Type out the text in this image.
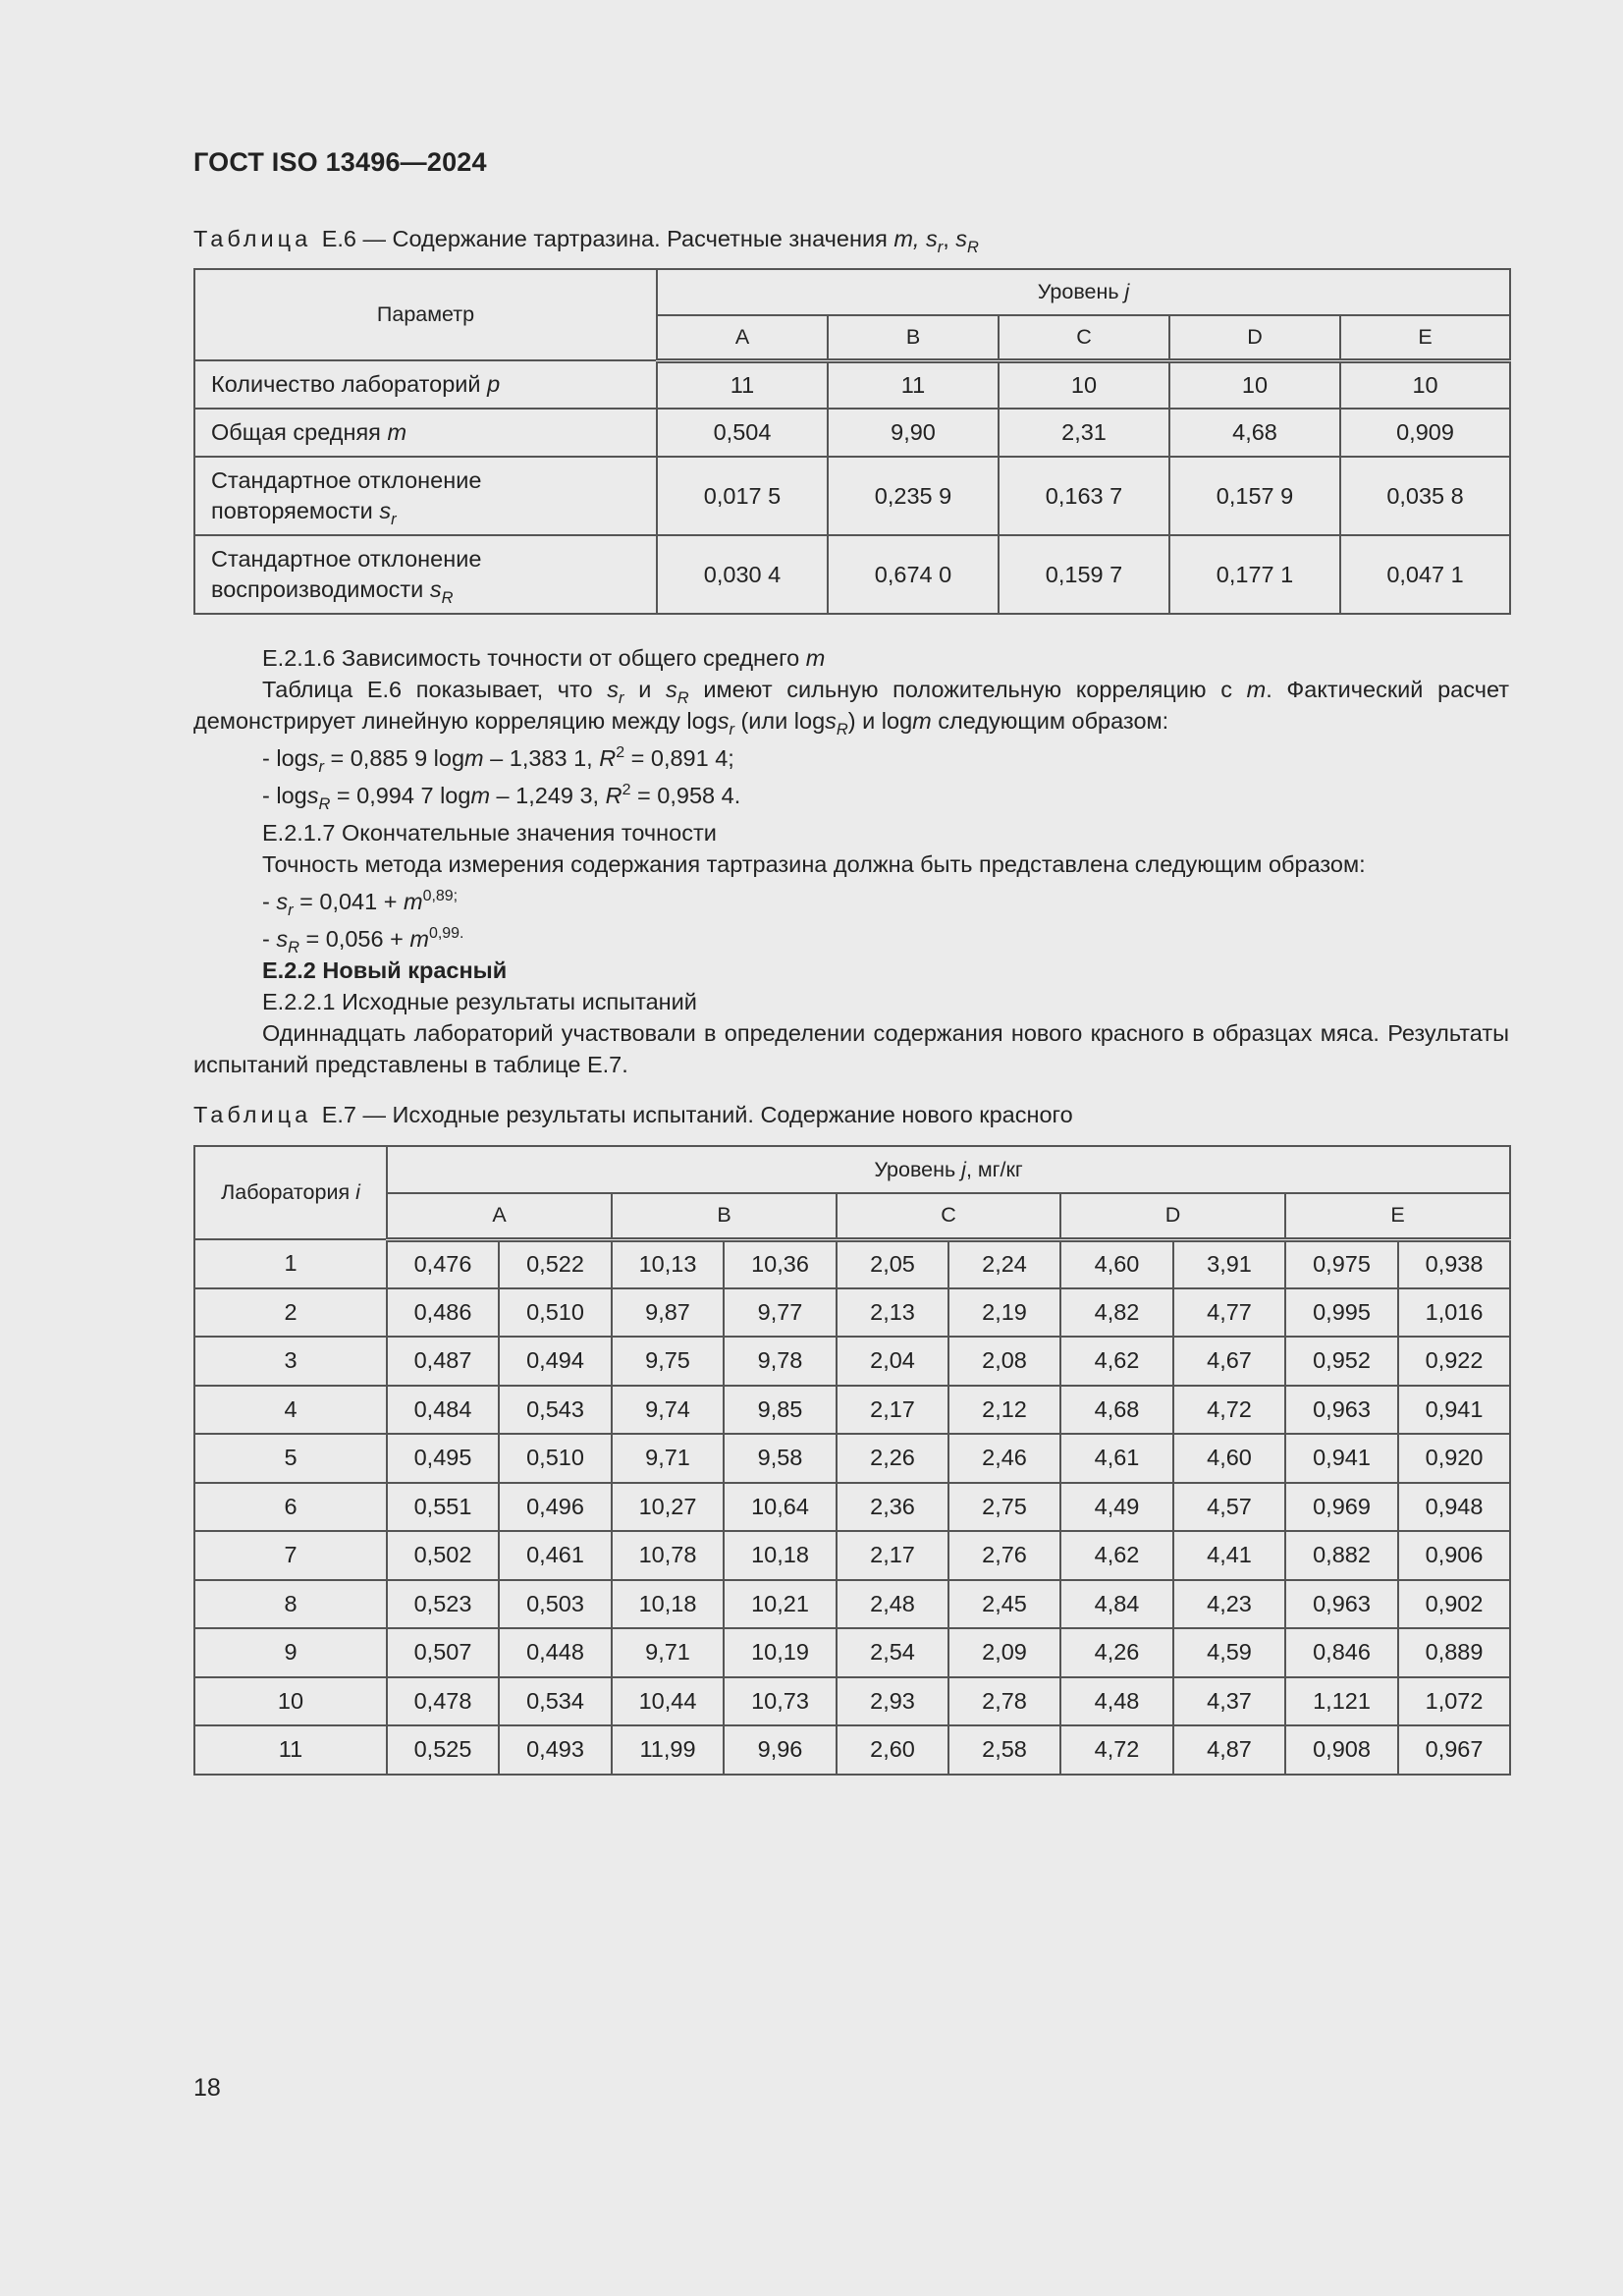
ГОСТ ISO 13496—2024
Таблица Е.6 — Содержание тартразина. Расчетные значения m, $s_r$, $s_R$
Параметр	Уровень j				
	A	B	C	D	E
Количество лабораторий p	11	11	10	10	10
Общая средняя m	0,504	9,90	2,31	4,68	0,909
Стандартное отклонение
повторяемости $s_r$	0,017 5	0,235 9	0,163 7	0,157 9	0,035 8
Стандартное отклонение
воспроизводимости $s_R$	0,030 4	0,674 0	0,159 7	0,177 1	0,047 1
Е.2.1.6 Зависимость точности от общего среднего m
Таблица Е.6 показывает, что $s_r$ и $s_R$ имеют сильную положительную корреляцию с m. Фактический расчет демонстрирует линейную корреляцию между logs$_r$ (или logs$_R$) и logm следующим образом:
- logs$_r$ = 0,885 9 logm – 1,383 1, $R^2 = 0,891$ 4;
- logs$_R$ = 0,994 7 logm – 1,249 3, $R^2 = 0,958$ 4.
Е.2.1.7 Окончательные значения точности
Точность метода измерения содержания тартразина должна быть представлена следующим образом:
- $s_r = 0,041 + m^{0,89;}$
- $s_R = 0,056 + m^{0,99.}$
Е.2.2 Новый красный
Е.2.2.1 Исходные результаты испытаний
Одиннадцать лабораторий участвовали в определении содержания нового красного в образцах мяса. Результаты испытаний представлены в таблице Е.7.
Таблица Е.7 — Исходные результаты испытаний. Содержание нового красного
Лаборатория i	Уровень j, мг/кг									
	A		B		C		D		E	
1	0,476	0,522	10,13	10,36	2,05	2,24	4,60	3,91	0,975	0,938
2	0,486	0,510	9,87	9,77	2,13	2,19	4,82	4,77	0,995	1,016
3	0,487	0,494	9,75	9,78	2,04	2,08	4,62	4,67	0,952	0,922
4	0,484	0,543	9,74	9,85	2,17	2,12	4,68	4,72	0,963	0,941
5	0,495	0,510	9,71	9,58	2,26	2,46	4,61	4,60	0,941	0,920
6	0,551	0,496	10,27	10,64	2,36	2,75	4,49	4,57	0,969	0,948
7	0,502	0,461	10,78	10,18	2,17	2,76	4,62	4,41	0,882	0,906
8	0,523	0,503	10,18	10,21	2,48	2,45	4,84	4,23	0,963	0,902
9	0,507	0,448	9,71	10,19	2,54	2,09	4,26	4,59	0,846	0,889
10	0,478	0,534	10,44	10,73	2,93	2,78	4,48	4,37	1,121	1,072
11	0,525	0,493	11,99	9,96	2,60	2,58	4,72	4,87	0,908	0,967
18
